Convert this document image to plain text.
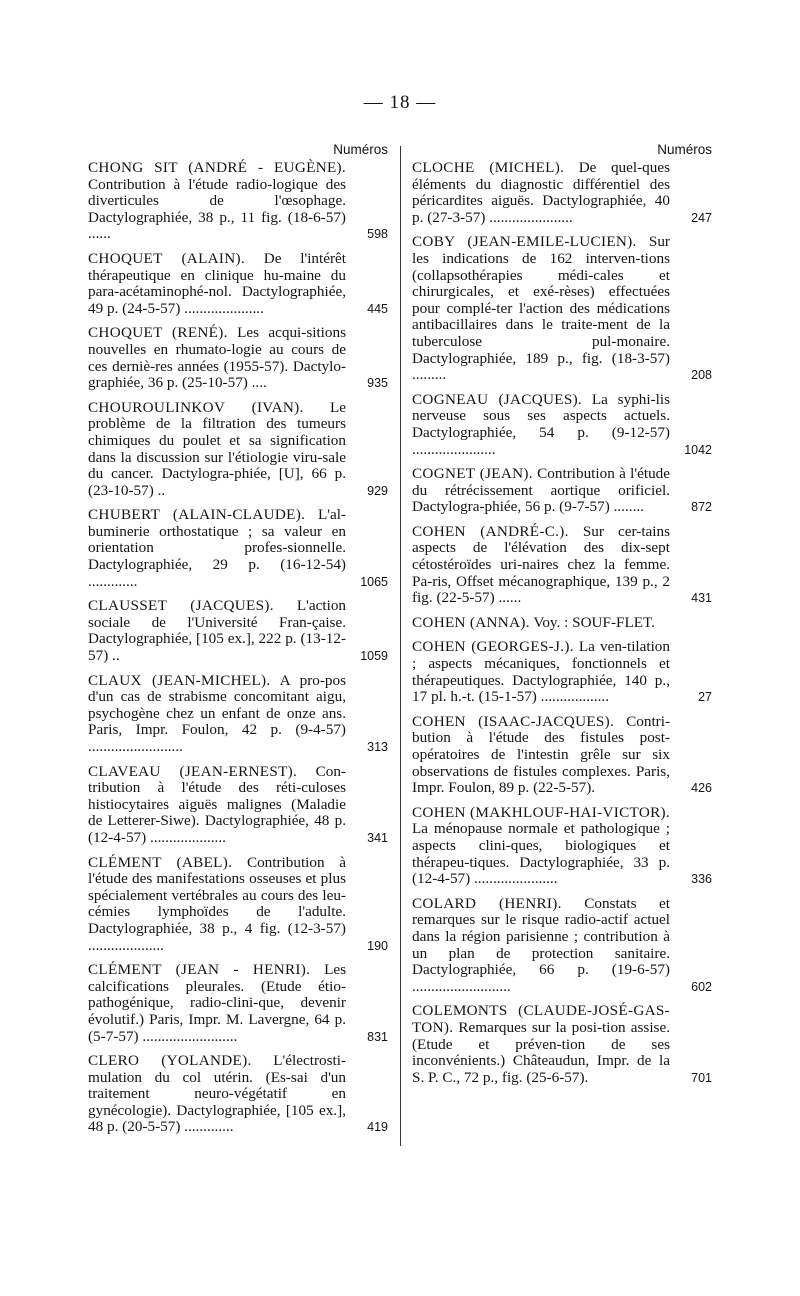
— 18 —
Numéros

CHONG SIT (ANDRÉ - EUGÈNE). Contribution à l'étude radio-logique des diverticules de l'œsophage. Dactylographiée, 38 p., 11 fig. (18-6-57) ......	598

CHOQUET (ALAIN). De l'intérêt thérapeutique en clinique hu-maine du para-acétaminophé-nol. Dactylographiée, 49 p. (24-5-57) .....................	445

CHOQUET (RENÉ). Les acqui-sitions nouvelles en rhumato-logie au cours de ces derniè-res années (1955-57). Dactylo-graphiée, 36 p. (25-10-57) ....	935

CHOUROULINKOV (IVAN). Le problème de la filtration des tumeurs chimiques du poulet et sa signification dans la discussion sur l'étiologie viru-sale du cancer. Dactylogra-phiée, [U], 66 p. (23-10-57) ..	929

CHUBERT (ALAIN-CLAUDE). L'al-buminerie orthostatique ; sa valeur en orientation profes-sionnelle. Dactylographiée, 29 p. (16-12-54) .............	1065

CLAUSSET (JACQUES). L'action sociale de l'Université Fran-çaise. Dactylographiée, [105 ex.], 222 p. (13-12-57) ..	1059

CLAUX (JEAN-MICHEL). A pro-pos d'un cas de strabisme concomitant aigu, psychogène chez un enfant de onze ans. Paris, Impr. Foulon, 42 p. (9-4-57) .........................	313

CLAVEAU (JEAN-ERNEST). Con-tribution à l'étude des réti-culoses histiocytaires aiguës malignes (Maladie de Letterer-Siwe). Dactylographiée, 48 p. (12-4-57) ....................	341

CLÉMENT (ABEL). Contribution à l'étude des manifestations osseuses et plus spécialement vertébrales au cours des leu-cémies lymphoïdes de l'adulte. Dactylographiée, 38 p., 4 fig. (12-3-57) ....................	190

CLÉMENT (JEAN - HENRI). Les calcifications pleurales. (Etude étio-pathogénique, radio-clini-que, devenir évolutif.) Paris, Impr. M. Lavergne, 64 p. (5-7-57) .........................	831

CLERO (YOLANDE). L'électrosti-mulation du col utérin. (Es-sai d'un traitement neuro-végétatif en gynécologie). Dactylographiée, [105 ex.], 48 p. (20-5-57) .............	419
Numéros

CLOCHE (MICHEL). De quel-ques éléments du diagnostic différentiel des péricardites aiguës. Dactylographiée, 40 p. (27-3-57) ......................	247

COBY (JEAN-EMILE-LUCIEN). Sur les indications de 162 interven-tions (collapsothérapies médi-cales et chirurgicales, et exé-rèses) effectuées pour complé-ter l'action des médications antibacillaires dans le traite-ment de la tuberculose pul-monaire. Dactylographiée, 189 p., fig. (18-3-57) .........	208

COGNEAU (JACQUES). La syphi-lis nerveuse sous ses aspects actuels. Dactylographiée, 54 p. (9-12-57) ......................	1042

COGNET (JEAN). Contribution à l'étude du rétrécissement aortique orificiel. Dactylogra-phiée, 56 p. (9-7-57) ........	872

COHEN (ANDRÉ-C.). Sur cer-tains aspects de l'élévation des dix-sept cétostéroïdes uri-naires chez la femme. Pa-ris, Offset mécanographique, 139 p., 2 fig. (22-5-57) ......	431

COHEN (ANNA). Voy. : SOUF-FLET.

COHEN (GEORGES-J.). La ven-tilation ; aspects mécaniques, fonctionnels et thérapeutiques. Dactylographiée, 140 p., 17 pl. h.-t. (15-1-57) ..................	27

COHEN (ISAAC-JACQUES). Contri-bution à l'étude des fistules post-opératoires de l'intestin grêle sur six observations de fistules complexes. Paris, Impr. Foulon, 89 p. (22-5-57).	426

COHEN (MAKHLOUF-HAI-VICTOR). La ménopause normale et pathologique ; aspects clini-ques, biologiques et thérapeu-tiques. Dactylographiée, 33 p. (12-4-57) ......................	336

COLARD (HENRI). Constats et remarques sur le risque radio-actif actuel dans la région parisienne ; contribution à un plan de protection sanitaire. Dactylographiée, 66 p. (19-6-57) ..........................	602

COLEMONTS (CLAUDE-JOSÉ-GAS-TON). Remarques sur la posi-tion assise. (Etude et préven-tion de ses inconvénients.) Châteaudun, Impr. de la S. P. C., 72 p., fig. (25-6-57).	701
